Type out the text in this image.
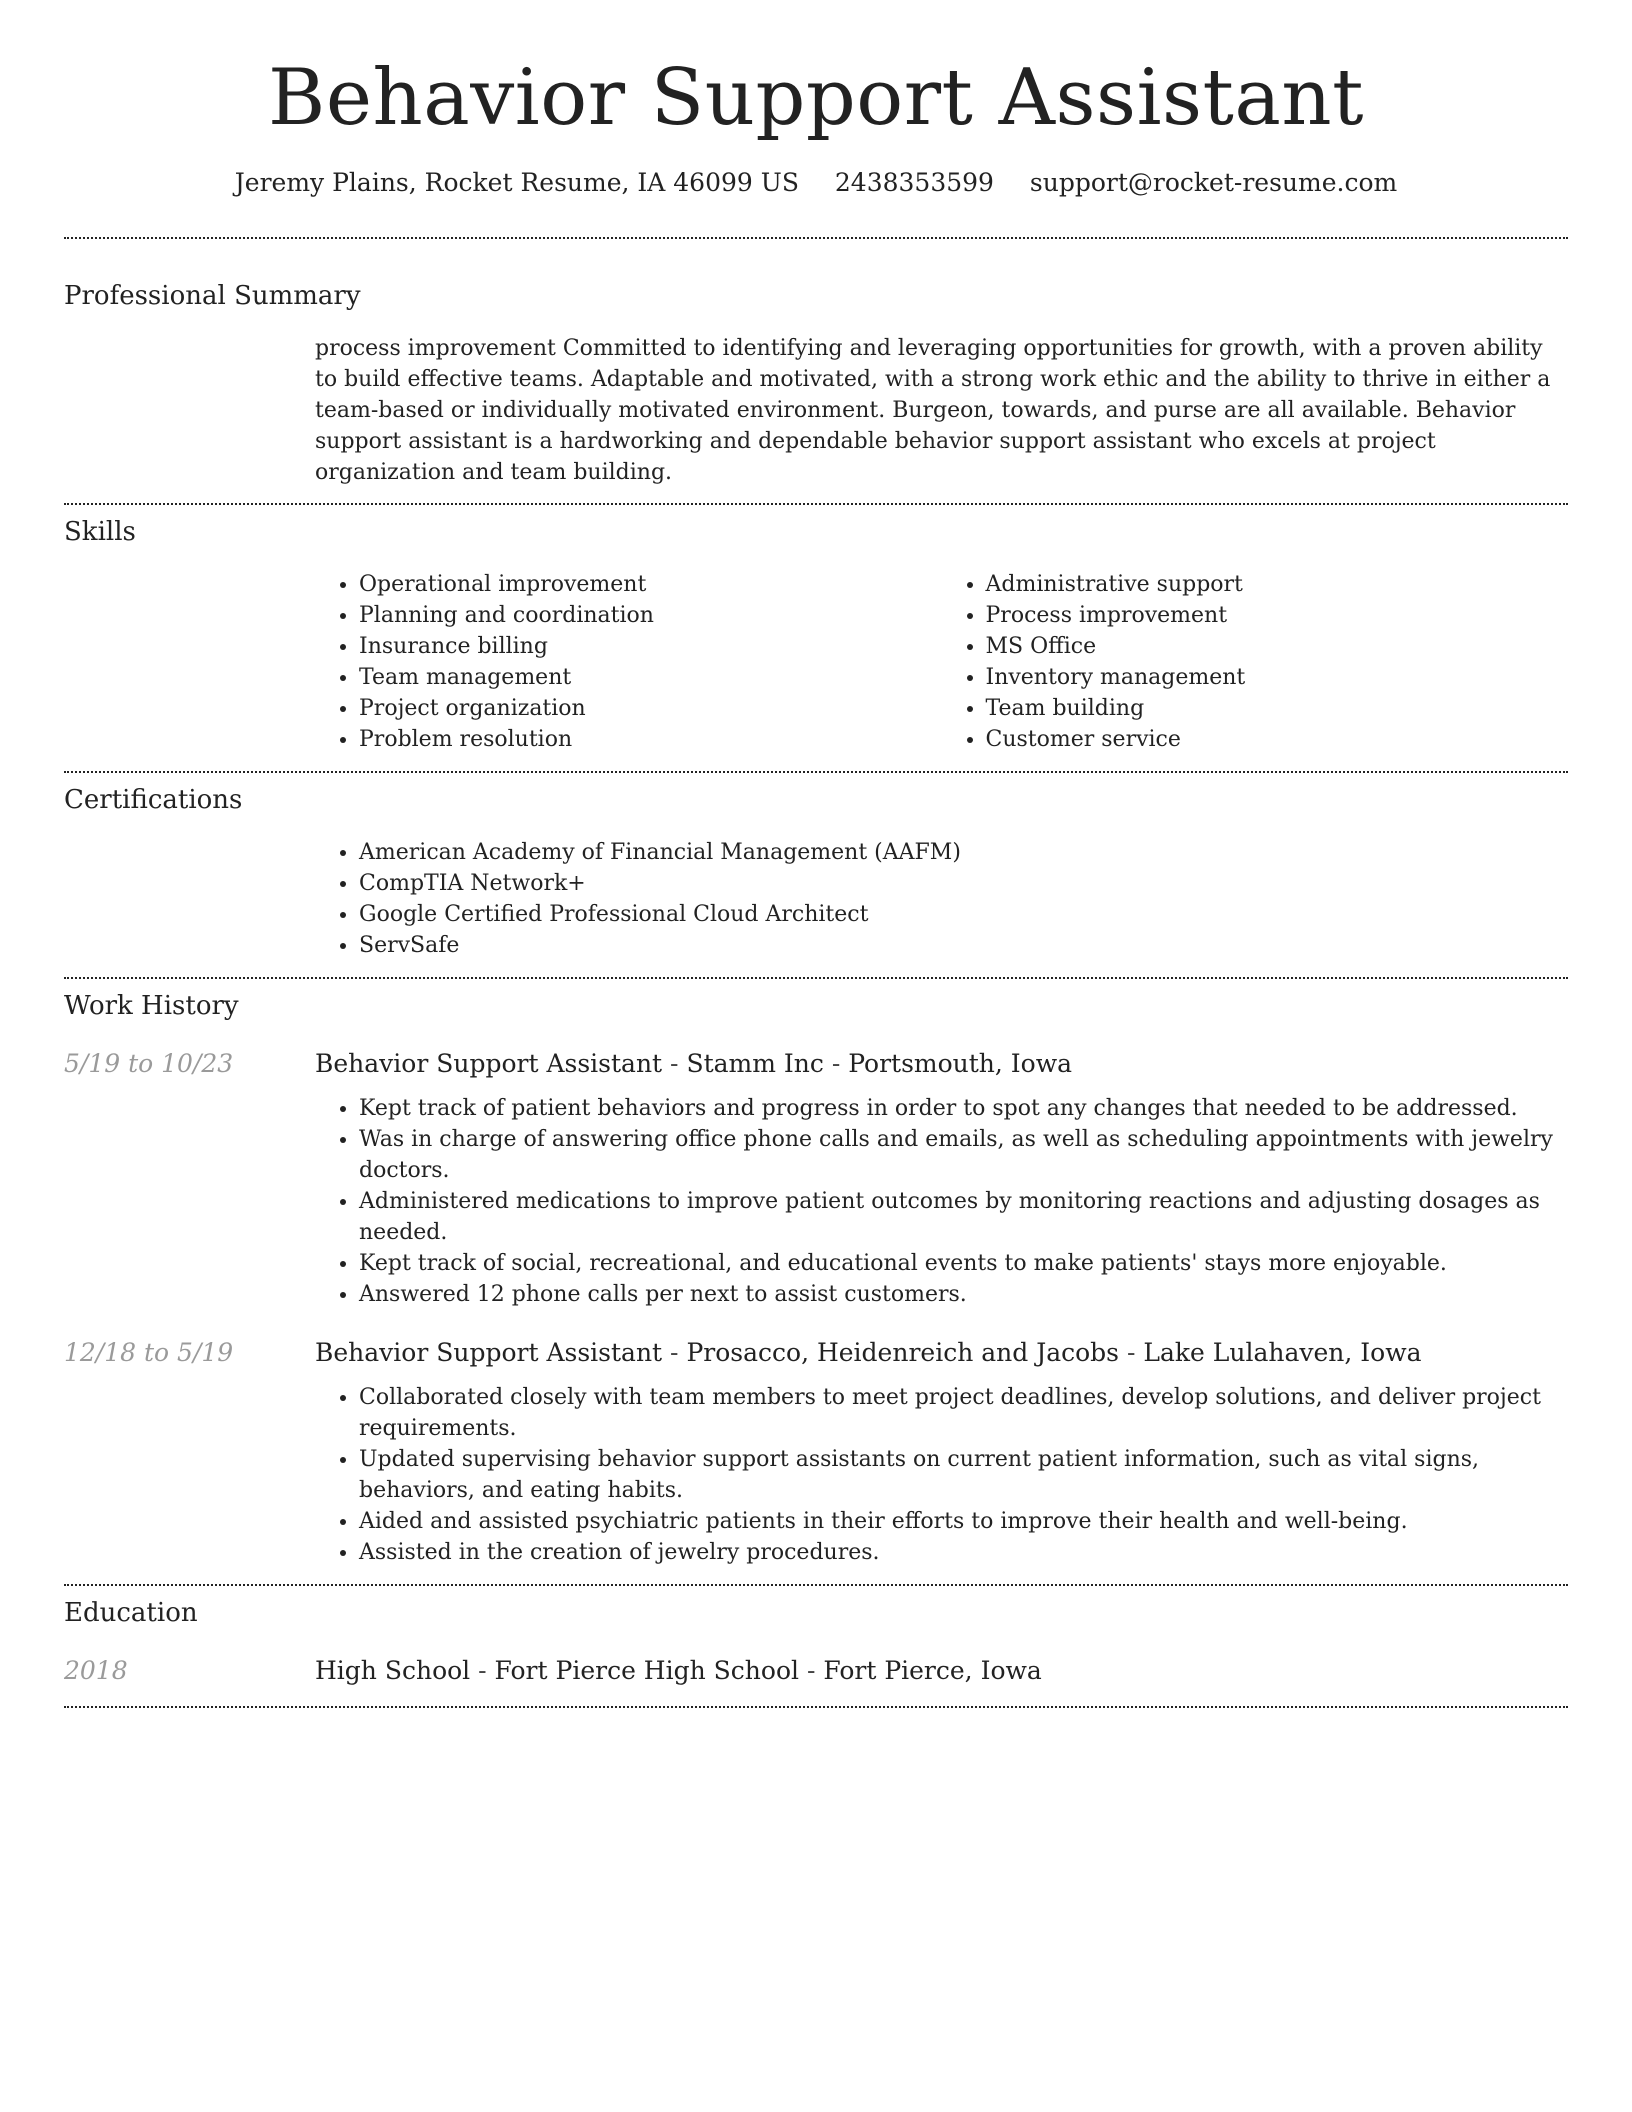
Behavior Support Assistant
Jeremy Plains, Rocket Resume, IA 46099 US 2438353599 support@rocket-resume.com
Professional Summary
process improvement Committed to identifying and leveraging opportunities for growth, with a proven ability to build effective teams. Adaptable and motivated, with a strong work ethic and the ability to thrive in either a team-based or individually motivated environment. Burgeon, towards, and purse are all available. Behavior support assistant is a hardworking and dependable behavior support assistant who excels at project organization and team building.
Skills
• Operational improvement
• Planning and coordination
• Insurance billing
• Team management
• Project organization
• Problem resolution
• Administrative support
• Process improvement
• MS Office
• Inventory management
• Team building
• Customer service
Certifications
• American Academy of Financial Management (AAFM)
• CompTIA Network+
• Google Certified Professional Cloud Architect
• ServSafe
Work History
5/19 to 10/23	Behavior Support Assistant - Stamm Inc - Portsmouth, Iowa
• Kept track of patient behaviors and progress in order to spot any changes that needed to be addressed.
• Was in charge of answering office phone calls and emails, as well as scheduling appointments with jewelry doctors.
• Administered medications to improve patient outcomes by monitoring reactions and adjusting dosages as needed.
• Kept track of social, recreational, and educational events to make patients' stays more enjoyable.
• Answered 12 phone calls per next to assist customers.
12/18 to 5/19	Behavior Support Assistant - Prosacco, Heidenreich and Jacobs - Lake Lulahaven, Iowa
• Collaborated closely with team members to meet project deadlines, develop solutions, and deliver project requirements.
• Updated supervising behavior support assistants on current patient information, such as vital signs, behaviors, and eating habits.
• Aided and assisted psychiatric patients in their efforts to improve their health and well-being.
• Assisted in the creation of jewelry procedures.
Education
2018	High School - Fort Pierce High School - Fort Pierce, Iowa
